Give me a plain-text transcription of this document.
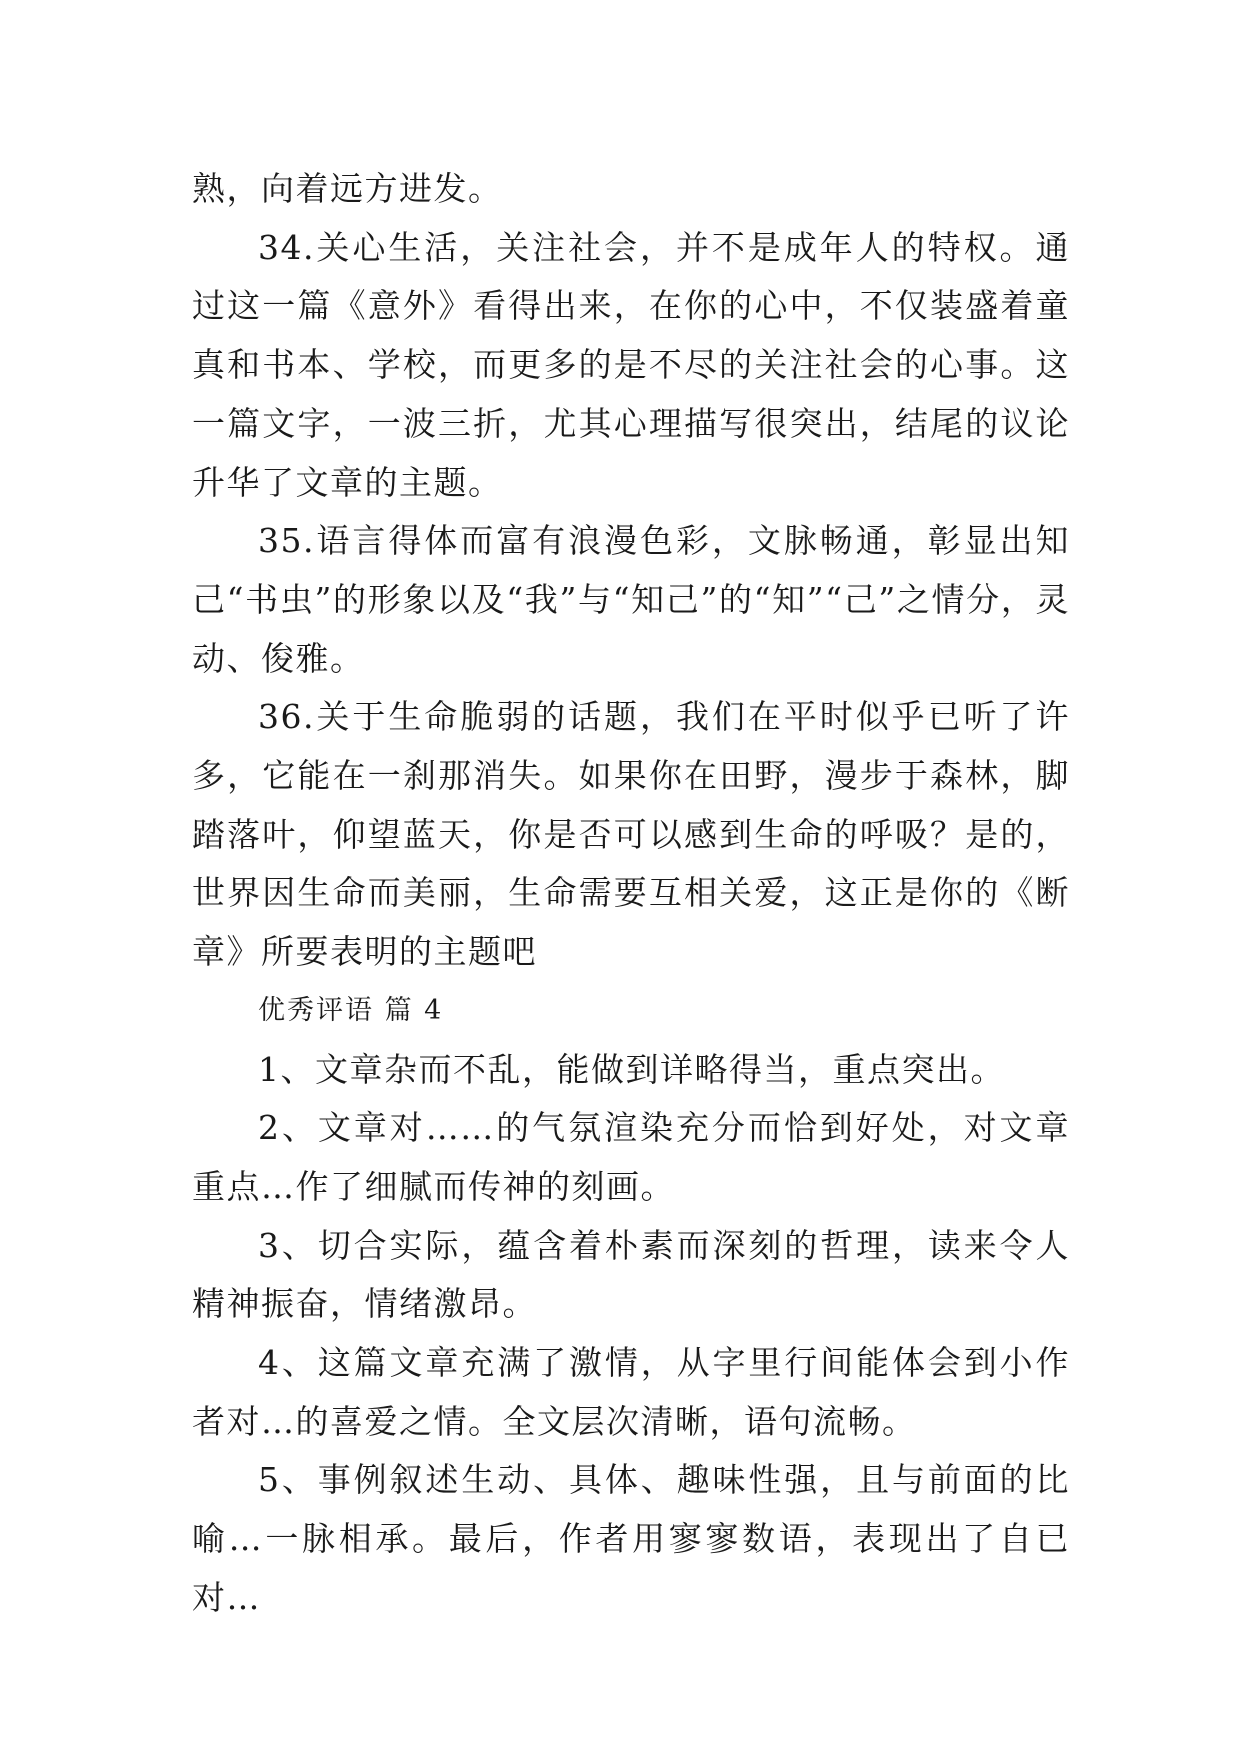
熟，向着远方进发。

34.关心生活，关注社会，并不是成年人的特权。通过这一篇《意外》看得出来，在你的心中，不仅装盛着童真和书本、学校，而更多的是不尽的关注社会的心事。这一篇文字，一波三折，尤其心理描写很突出，结尾的议论升华了文章的主题。

35.语言得体而富有浪漫色彩，文脉畅通，彰显出知己“书虫”的形象以及“我”与“知己”的“知”“己”之情分，灵动、俊雅。

36.关于生命脆弱的话题，我们在平时似乎已听了许多，它能在一刹那消失。如果你在田野，漫步于森林，脚踏落叶，仰望蓝天，你是否可以感到生命的呼吸？是的，世界因生命而美丽，生命需要互相关爱，这正是你的《断章》所要表明的主题吧

优秀评语 篇 4

1、文章杂而不乱，能做到详略得当，重点突出。

2、文章对……的气氛渲染充分而恰到好处，对文章重点…作了细腻而传神的刻画。

3、切合实际，蕴含着朴素而深刻的哲理，读来令人精神振奋，情绪激昂。

4、这篇文章充满了激情，从字里行间能体会到小作者对…的喜爱之情。全文层次清晰，语句流畅。

5、事例叙述生动、具体、趣味性强，且与前面的比喻…一脉相承。最后，作者用寥寥数语，表现出了自已对…
